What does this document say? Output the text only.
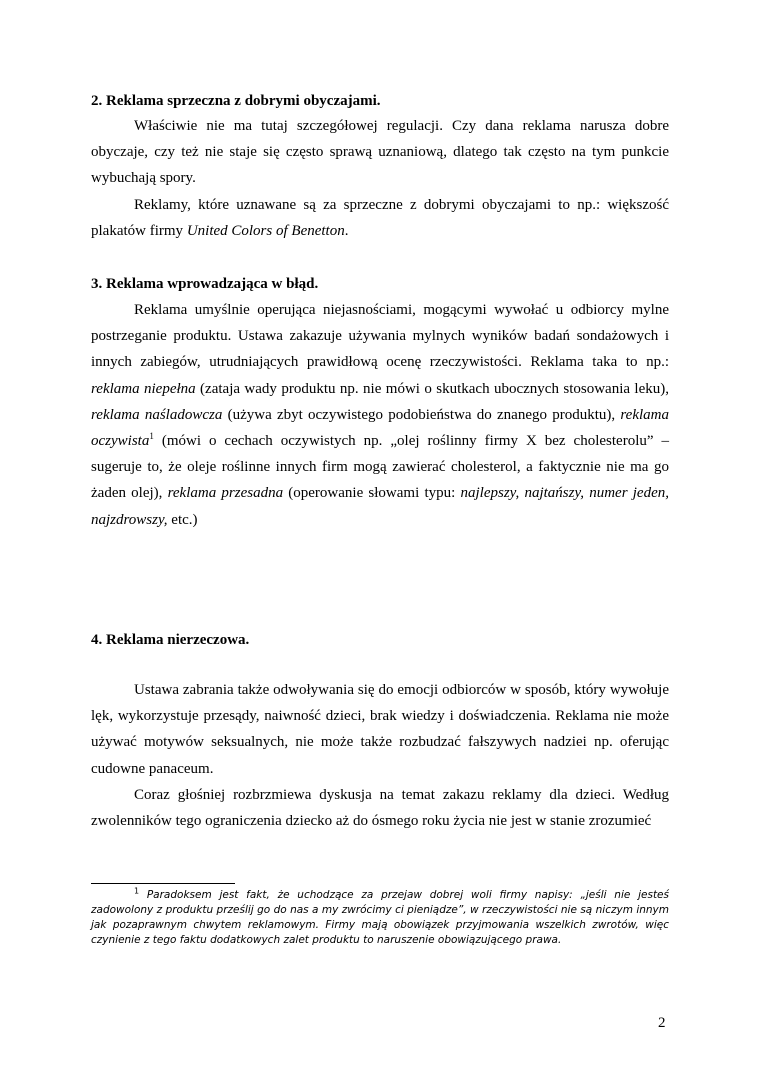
2. Reklama sprzeczna z dobrymi obyczajami.

Właściwie nie ma tutaj szczegółowej regulacji. Czy dana reklama narusza dobre obyczaje, czy też nie staje się często sprawą uznaniową, dlatego tak często na tym punkcie wybuchają spory.

Reklamy, które uznawane są za sprzeczne z dobrymi obyczajami to np.: większość plakatów firmy United Colors of Benetton.

3. Reklama wprowadzająca w błąd.

Reklama umyślnie operująca niejasnościami, mogącymi wywołać u odbiorcy mylne postrzeganie produktu. Ustawa zakazuje używania mylnych wyników badań sondażowych i innych zabiegów, utrudniających prawidłową ocenę rzeczywistości. Reklama taka to np.: reklama niepełna (zataja wady produktu np. nie mówi o skutkach ubocznych stosowania leku), reklama naśladowcza (używa zbyt oczywistego podobieństwa do znanego produktu), reklama oczywista$^1$ (mówi o cechach oczywistych np. „olej roślinny firmy X bez cholesterolu” – sugeruje to, że oleje roślinne innych firm mogą zawierać cholesterol, a faktycznie nie ma go żaden olej), reklama przesadna (operowanie słowami typu: najlepszy, najtańszy, numer jeden, najzdrowszy, etc.)

4. Reklama nierzeczowa.

Ustawa zabrania także odwoływania się do emocji odbiorców w sposób, który wywołuje lęk, wykorzystuje przesądy, naiwność dzieci, brak wiedzy i doświadczenia. Reklama nie może używać motywów seksualnych, nie może także rozbudzać fałszywych nadziei np. oferując cudowne panaceum.

Coraz głośniej rozbrzmiewa dyskusja na temat zakazu reklamy dla dzieci. Według zwolenników tego ograniczenia dziecko aż do ósmego roku życia nie jest w stanie zrozumieć

$^1$ Paradoksem jest fakt, że uchodzące za przejaw dobrej woli firmy napisy: „jeśli nie jesteś zadowolony z produktu prześlij go do nas a my zwrócimy ci pieniądze”, w rzeczywistości nie są niczym innym jak pozaprawnym chwytem reklamowym. Firmy mają obowiązek przyjmowania wszelkich zwrotów, więc czynienie z tego faktu dodatkowych zalet produktu to naruszenie obowiązującego prawa.

2
